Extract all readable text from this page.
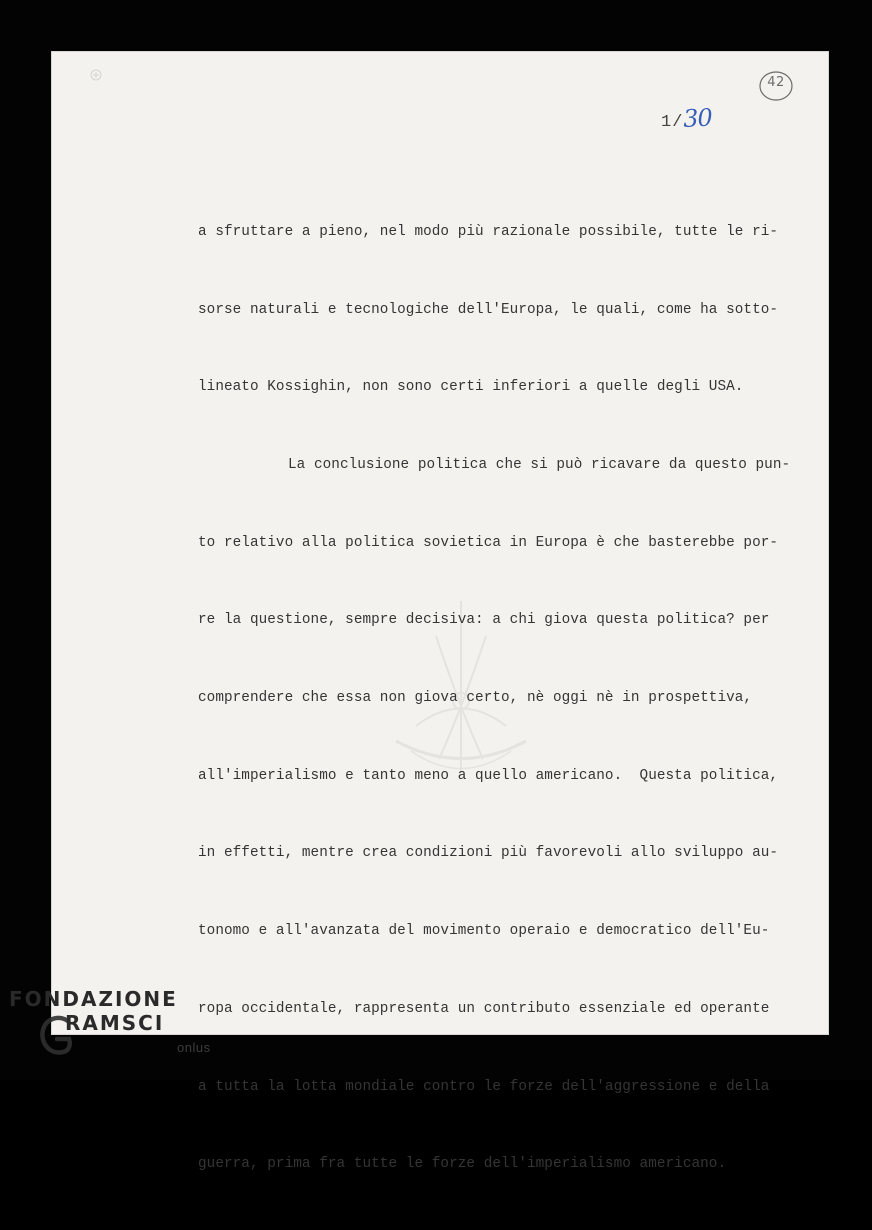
42
1/ 30

a sfruttare a pieno, nel modo più razionale possibile, tutte le ri-

sorse naturali e tecnologiche dell'Europa, le quali, come ha sotto-

lineato Kossighin, non sono certi inferiori a quelle degli USA.

La conclusione politica che si può ricavare da questo pun-

to relativo alla politica sovietica in Europa è che basterebbe por-

re la questione, sempre decisiva: a chi giova questa politica? per

comprendere che essa non giova certo, nè oggi nè in prospettiva,

all'imperialismo e tanto meno a quello americano.  Questa politica,

in effetti, mentre crea condizioni più favorevoli allo sviluppo au-

tonomo e all'avanzata del movimento operaio e democratico dell'Eu-

ropa occidentale, rappresenta un contributo essenziale ed operante

a tutta la lotta mondiale contro le forze dell'aggressione e della

guerra, prima fra tutte le forze dell'imperialismo americano.

FONDAZIONE
RAMSCI
onlus
